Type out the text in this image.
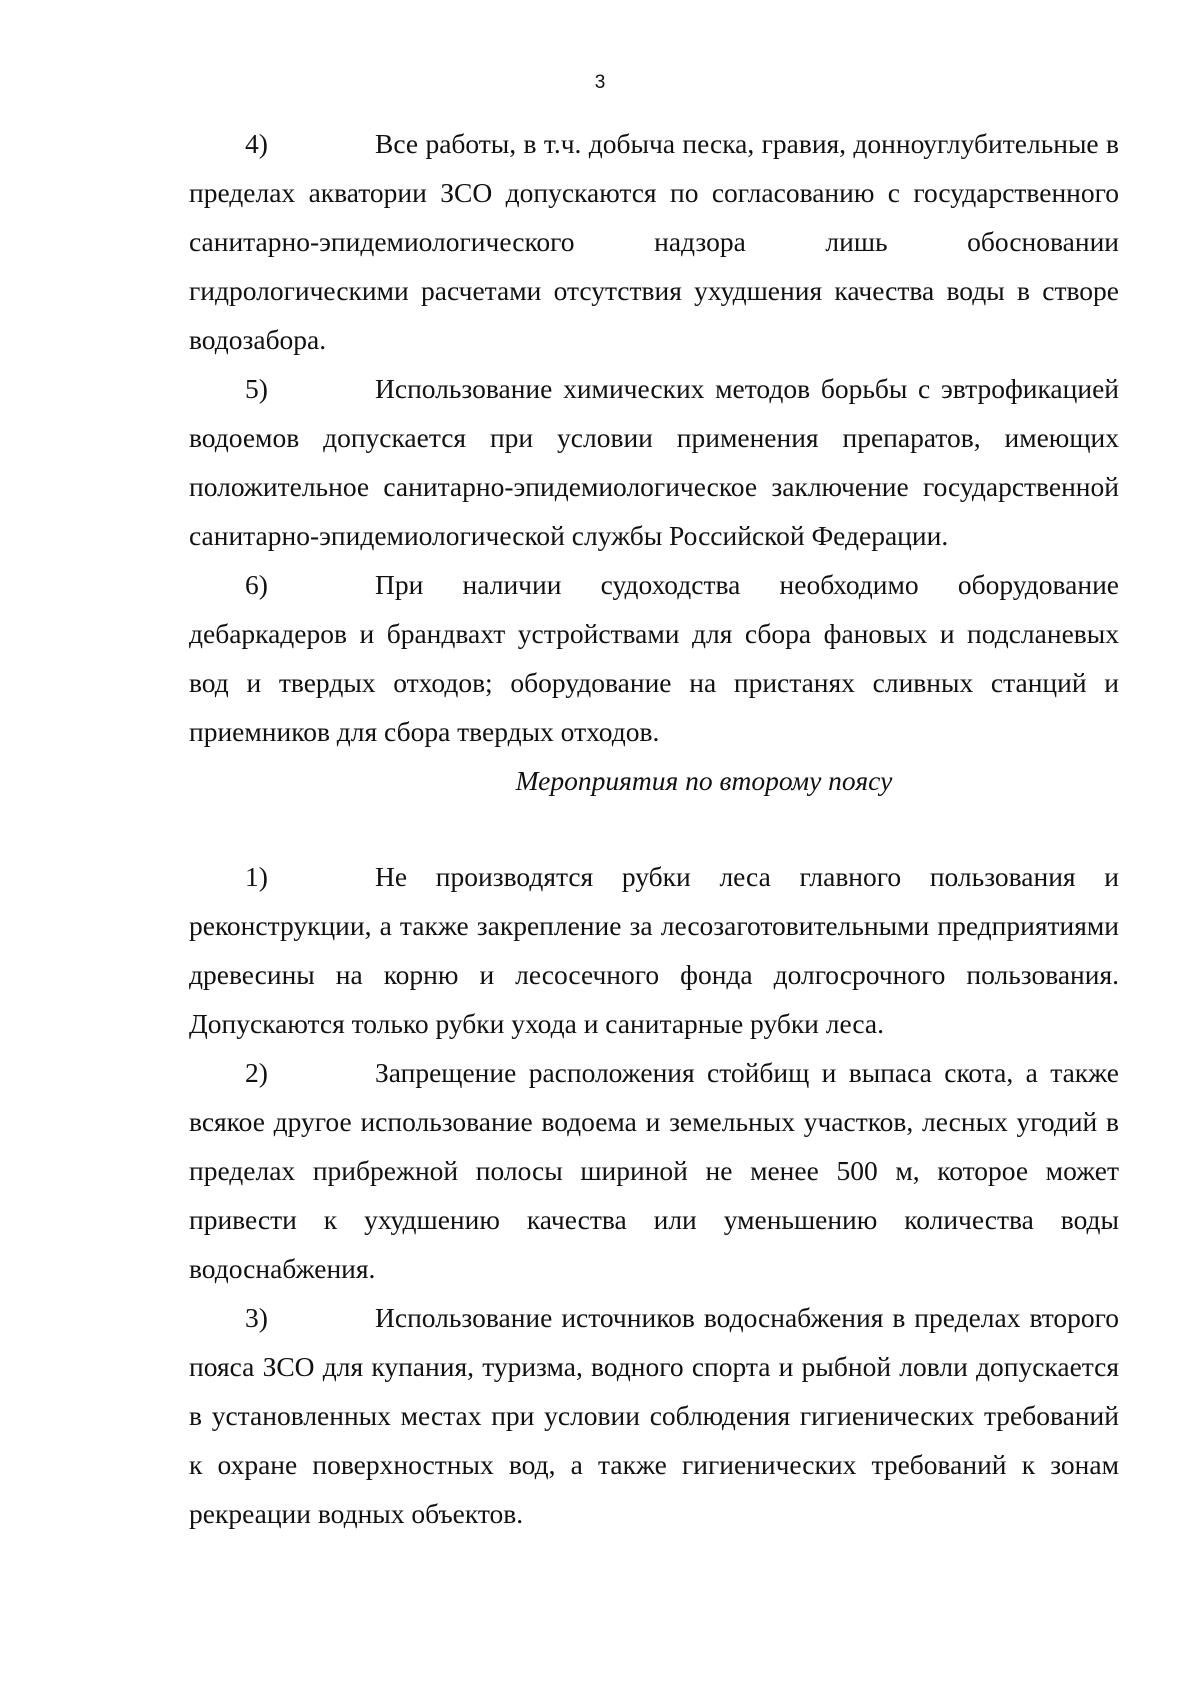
3

4)	Все работы, в т.ч. добыча песка, гравия, донноуглубительные в пределах акватории ЗСО допускаются по согласованию с государственного санитарно-эпидемиологического надзора лишь обосновании гидрологическими расчетами отсутствия ухудшения качества воды в створе водозабора.

5)	Использование химических методов борьбы с эвтрофикацией водоемов допускается при условии применения препаратов, имеющих положительное санитарно-эпидемиологическое заключение государственной санитарно-эпидемиологической службы Российской Федерации.

6)	При наличии судоходства необходимо оборудование дебаркадеров и брандвахт устройствами для сбора фановых и подсланевых вод и твердых отходов; оборудование на пристанях сливных станций и приемников для сбора твердых отходов.

Мероприятия по второму поясу

1)	Не производятся рубки леса главного пользования и реконструкции, а также закрепление за лесозаготовительными предприятиями древесины на корню и лесосечного фонда долгосрочного пользования. Допускаются только рубки ухода и санитарные рубки леса.

2)	Запрещение расположения стойбищ и выпаса скота, а также всякое другое использование водоема и земельных участков, лесных угодий в пределах прибрежной полосы шириной не менее 500 м, которое может привести к ухудшению качества или уменьшению количества воды водоснабжения.

3)	Использование источников водоснабжения в пределах второго пояса ЗСО для купания, туризма, водного спорта и рыбной ловли допускается в установленных местах при условии соблюдения гигиенических требований к охране поверхностных вод, а также гигиенических требований к зонам рекреации водных объектов.
